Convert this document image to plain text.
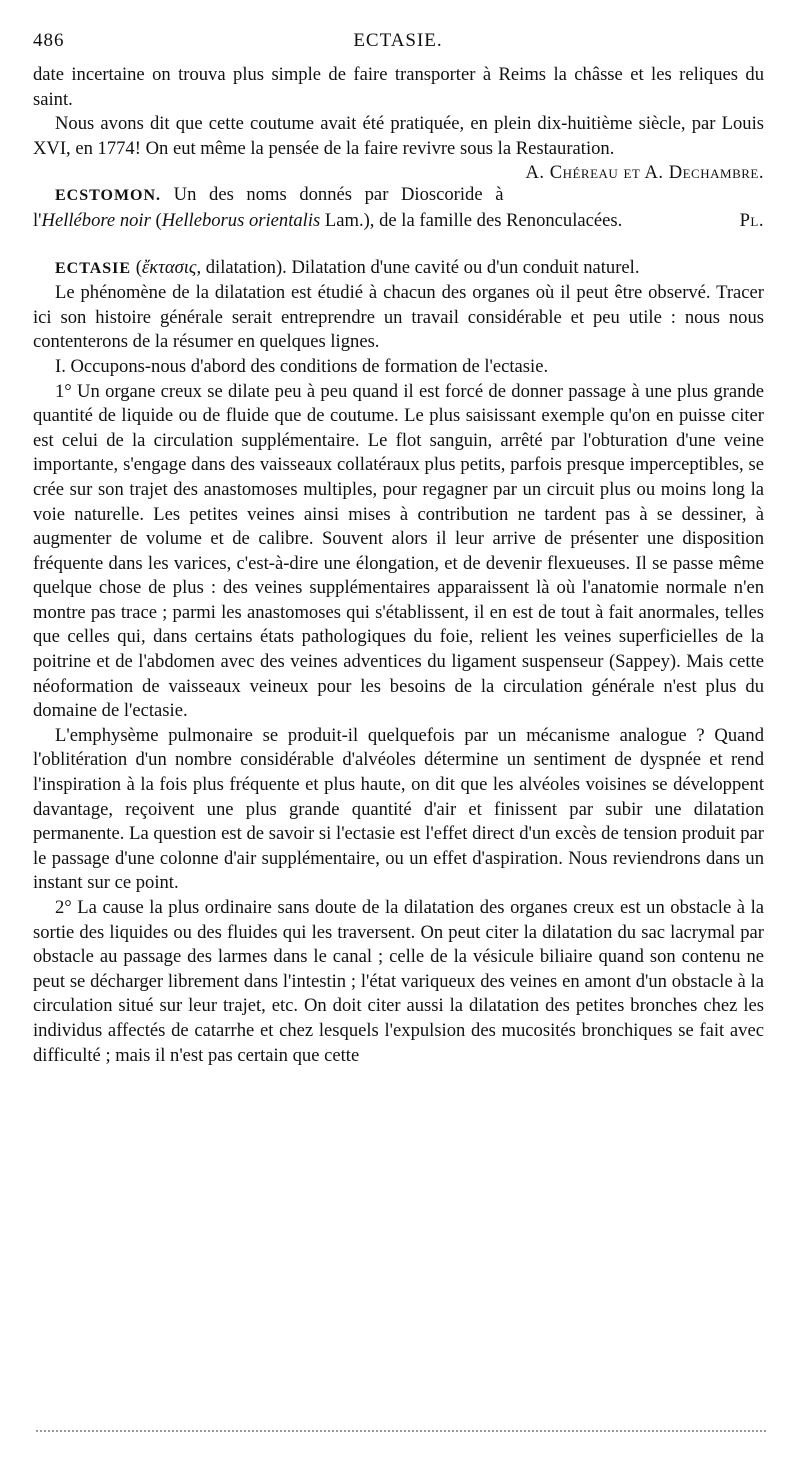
486	ECTASIE.

date incertaine on trouva plus simple de faire transporter à Reims la châsse et les reliques du saint.

Nous avons dit que cette coutume avait été pratiquée, en plein dix-huitième siècle, par Louis XVI, en 1774! On eut même la pensée de la faire revivre sous la Restauration.
A. Chéreau et A. Dechambre.

ECSTOMON. Un des noms donnés par Dioscoride à l'Hellébore noir (Helleborus orientalis Lam.), de la famille des Renonculacées.	Pl.

ECTASIE (ἔκτασις, dilatation). Dilatation d'une cavité ou d'un conduit naturel.

Le phénomène de la dilatation est étudié à chacun des organes où il peut être observé. Tracer ici son histoire générale serait entreprendre un travail considérable et peu utile : nous nous contenterons de la résumer en quelques lignes.

I. Occupons-nous d'abord des conditions de formation de l'ectasie.

1° Un organe creux se dilate peu à peu quand il est forcé de donner passage à une plus grande quantité de liquide ou de fluide que de coutume. Le plus saisissant exemple qu'on en puisse citer est celui de la circulation supplémentaire. Le flot sanguin, arrêté par l'obturation d'une veine importante, s'engage dans des vaisseaux collatéraux plus petits, parfois presque imperceptibles, se crée sur son trajet des anastomoses multiples, pour regagner par un circuit plus ou moins long la voie naturelle. Les petites veines ainsi mises à contribution ne tardent pas à se dessiner, à augmenter de volume et de calibre. Souvent alors il leur arrive de présenter une disposition fréquente dans les varices, c'est-à-dire une élongation, et de devenir flexueuses. Il se passe même quelque chose de plus : des veines supplémentaires apparaissent là où l'anatomie normale n'en montre pas trace ; parmi les anastomoses qui s'établissent, il en est de tout à fait anormales, telles que celles qui, dans certains états pathologiques du foie, relient les veines superficielles de la poitrine et de l'abdomen avec des veines adventices du ligament suspenseur (Sappey). Mais cette néoformation de vaisseaux veineux pour les besoins de la circulation générale n'est plus du domaine de l'ectasie.

L'emphysème pulmonaire se produit-il quelquefois par un mécanisme analogue ? Quand l'oblitération d'un nombre considérable d'alvéoles détermine un sentiment de dyspnée et rend l'inspiration à la fois plus fréquente et plus haute, on dit que les alvéoles voisines se développent davantage, reçoivent une plus grande quantité d'air et finissent par subir une dilatation permanente. La question est de savoir si l'ectasie est l'effet direct d'un excès de tension produit par le passage d'une colonne d'air supplémentaire, ou un effet d'aspiration. Nous reviendrons dans un instant sur ce point.

2° La cause la plus ordinaire sans doute de la dilatation des organes creux est un obstacle à la sortie des liquides ou des fluides qui les traversent. On peut citer la dilatation du sac lacrymal par obstacle au passage des larmes dans le canal ; celle de la vésicule biliaire quand son contenu ne peut se décharger librement dans l'intestin ; l'état variqueux des veines en amont d'un obstacle à la circulation situé sur leur trajet, etc. On doit citer aussi la dilatation des petites bronches chez les individus affectés de catarrhe et chez lesquels l'expulsion des mucosités bronchiques se fait avec difficulté ; mais il n'est pas certain que cette
